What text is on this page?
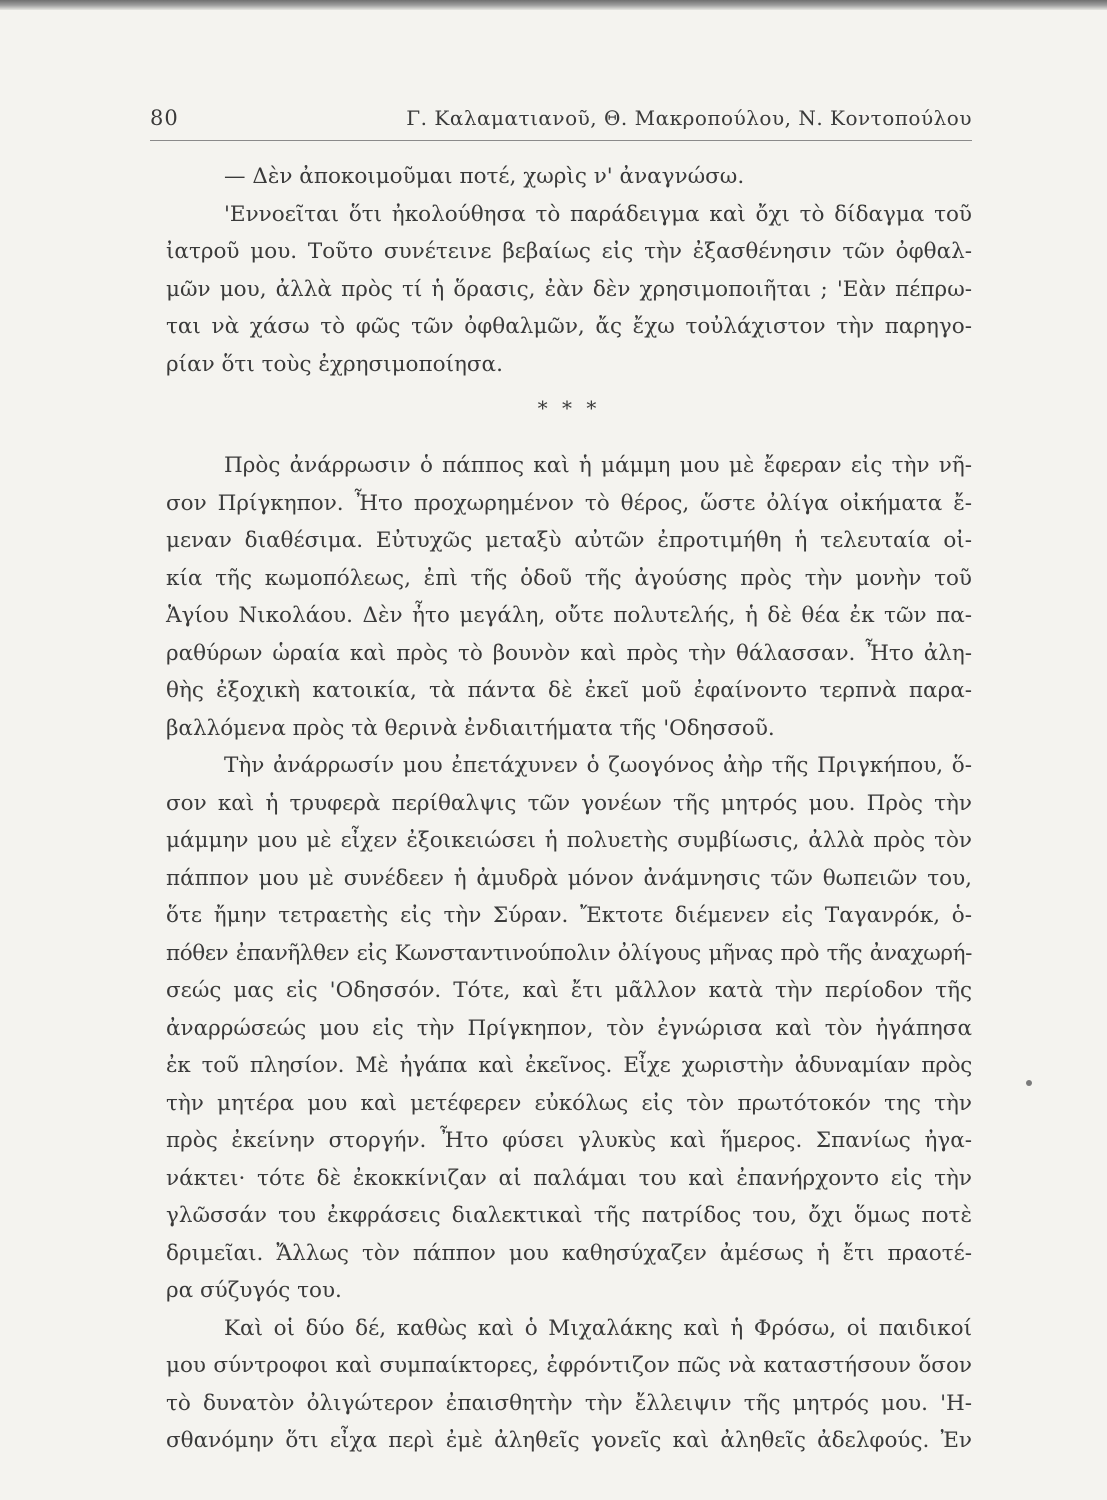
80	Γ. Καλαματιανοῦ, Θ. Μακροπούλου, Ν. Κοντοπούλου
— Δὲν ἀποκοιμοῦμαι ποτέ, χωρὶς ν' ἀναγνώσω.
'Εννοεῖται ὅτι ἠκολούθησα τὸ παράδειγμα καὶ ὄχι τὸ δίδαγμα τοῦ
ἰατροῦ μου. Τοῦτο συνέτεινε βεβαίως εἰς τὴν ἐξασθένησιν τῶν ὀφθαλ-
μῶν μου, ἀλλὰ πρὸς τί ἡ ὅρασις, ἐὰν δὲν χρησιμοποιῆται ; 'Εὰν πέπρω-
ται νὰ χάσω τὸ φῶς τῶν ὀφθαλμῶν, ἄς ἔχω τοὐλάχιστον τὴν παρηγο-
ρίαν ὅτι τοὺς ἐχρησιμοποίησα.
* * *
Πρὸς ἀνάρρωσιν ὁ πάππος καὶ ἡ μάμμη μου μὲ ἔφεραν εἰς τὴν νῆ-
σον Πρίγκηπον. Ἦτο προχωρημένον τὸ θέρος, ὥστε ὀλίγα οἰκήματα ἔ-
μεναν διαθέσιμα. Εὐτυχῶς μεταξὺ αὐτῶν ἐπροτιμήθη ἡ τελευταία οἰ-
κία τῆς κωμοπόλεως, ἐπὶ τῆς ὁδοῦ τῆς ἀγούσης πρὸς τὴν μονὴν τοῦ
Ἁγίου Νικολάου. Δὲν ἦτο μεγάλη, οὔτε πολυτελής, ἡ δὲ θέα ἐκ τῶν πα-
ραθύρων ὡραία καὶ πρὸς τὸ βουνὸν καὶ πρὸς τὴν θάλασσαν. Ἦτο ἀλη-
θὴς ἐξοχικὴ κατοικία, τὰ πάντα δὲ ἐκεῖ μοῦ ἐφαίνοντο τερπνὰ παρα-
βαλλόμενα πρὸς τὰ θερινὰ ἐνδιαιτήματα τῆς 'Οδησσοῦ.
Τὴν ἀνάρρωσίν μου ἐπετάχυνεν ὁ ζωογόνος ἀὴρ τῆς Πριγκήπου, ὅ-
σον καὶ ἡ τρυφερὰ περίθαλψις τῶν γονέων τῆς μητρός μου. Πρὸς τὴν
μάμμην μου μὲ εἶχεν ἐξοικειώσει ἡ πολυετὴς συμβίωσις, ἀλλὰ πρὸς τὸν
πάππον μου μὲ συνέδεεν ἡ ἀμυδρὰ μόνον ἀνάμνησις τῶν θωπειῶν του,
ὅτε ἤμην τετραετὴς εἰς τὴν Σύραν. Ἔκτοτε διέμενεν εἰς Ταγανρόκ, ὁ-
πόθεν ἐπανῆλθεν εἰς Κωνσταντινούπολιν ὀλίγους μῆνας πρὸ τῆς ἀναχωρή-
σεώς μας εἰς 'Οδησσόν. Τότε, καὶ ἔτι μᾶλλον κατὰ τὴν περίοδον τῆς
ἀναρρώσεώς μου εἰς τὴν Πρίγκηπον, τὸν ἐγνώρισα καὶ τὸν ἠγάπησα
ἐκ τοῦ πλησίον. Μὲ ἠγάπα καὶ ἐκεῖνος. Εἶχε χωριστὴν ἀδυναμίαν πρὸς
τὴν μητέρα μου καὶ μετέφερεν εὐκόλως εἰς τὸν πρωτότοκόν της τὴν
πρὸς ἐκείνην στοργήν. Ἦτο φύσει γλυκὺς καὶ ἥμερος. Σπανίως ἠγα-
νάκτει· τότε δὲ ἐκοκκίνιζαν αἱ παλάμαι του καὶ ἐπανήρχοντο εἰς τὴν
γλῶσσάν του ἐκφράσεις διαλεκτικαὶ τῆς πατρίδος του, ὄχι ὅμως ποτὲ
δριμεῖαι. Ἄλλως τὸν πάππον μου καθησύχαζεν ἀμέσως ἡ ἔτι πραοτέ-
ρα σύζυγός του.
Καὶ οἱ δύο δέ, καθὼς καὶ ὁ Μιχαλάκης καὶ ἡ Φρόσω, οἱ παιδικοί
μου σύντροφοι καὶ συμπαίκτορες, ἐφρόντιζον πῶς νὰ καταστήσουν ὅσον
τὸ δυνατὸν ὀλιγώτερον ἐπαισθητὴν τὴν ἔλλειψιν τῆς μητρός μου. 'Η-
σθανόμην ὅτι εἶχα περὶ ἐμὲ ἀληθεῖς γονεῖς καὶ ἀληθεῖς ἀδελφούς. Ἐν
